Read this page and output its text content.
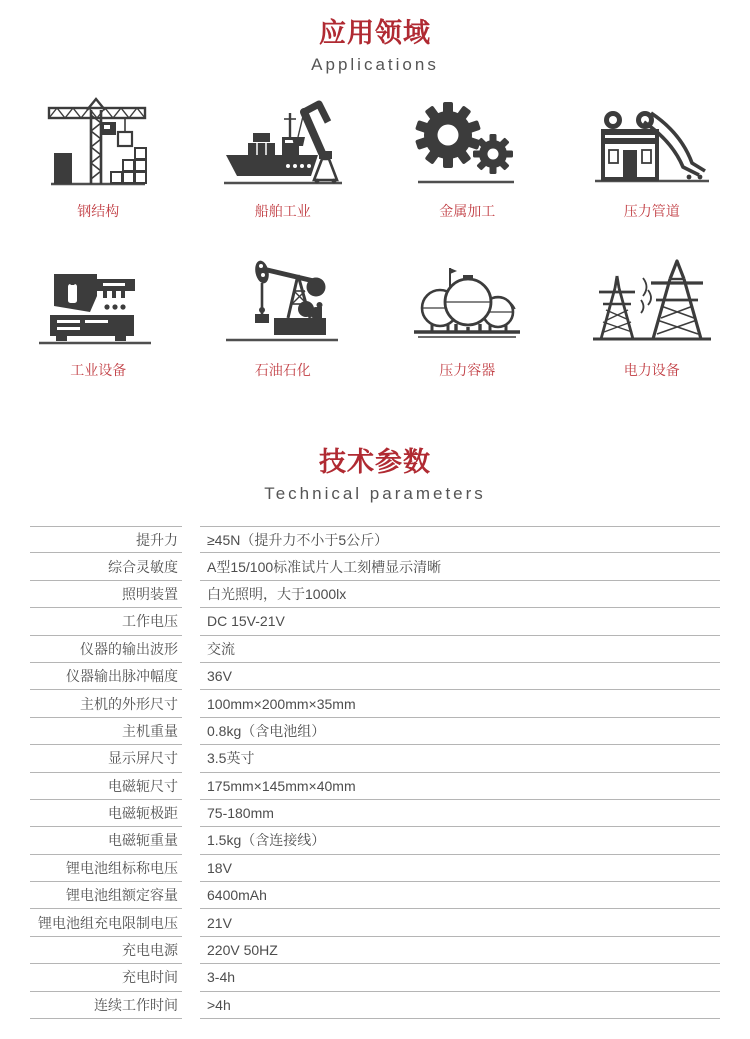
应用领域
Applications
钢结构	船舶工业	金属加工	压力管道
工业设备	石油石化	压力容器	电力设备
技术参数
Technical parameters
提升力	≥45N（提升力不小于5公斤）
综合灵敏度	A型15/100标准试片人工刻槽显示清晰
照明装置	白光照明，大于1000lx
工作电压	DC 15V-21V
仪器的输出波形	交流
仪器输出脉冲幅度	36V
主机的外形尺寸	100mm×200mm×35mm
主机重量	0.8kg（含电池组）
显示屏尺寸	3.5英寸
电磁轭尺寸	175mm×145mm×40mm
电磁轭极距	75-180mm
电磁轭重量	1.5kg（含连接线）
锂电池组标称电压	18V
锂电池组额定容量	6400mAh
锂电池组充电限制电压	21V
充电电源	220V 50HZ
充电时间	3-4h
连续工作时间	>4h
